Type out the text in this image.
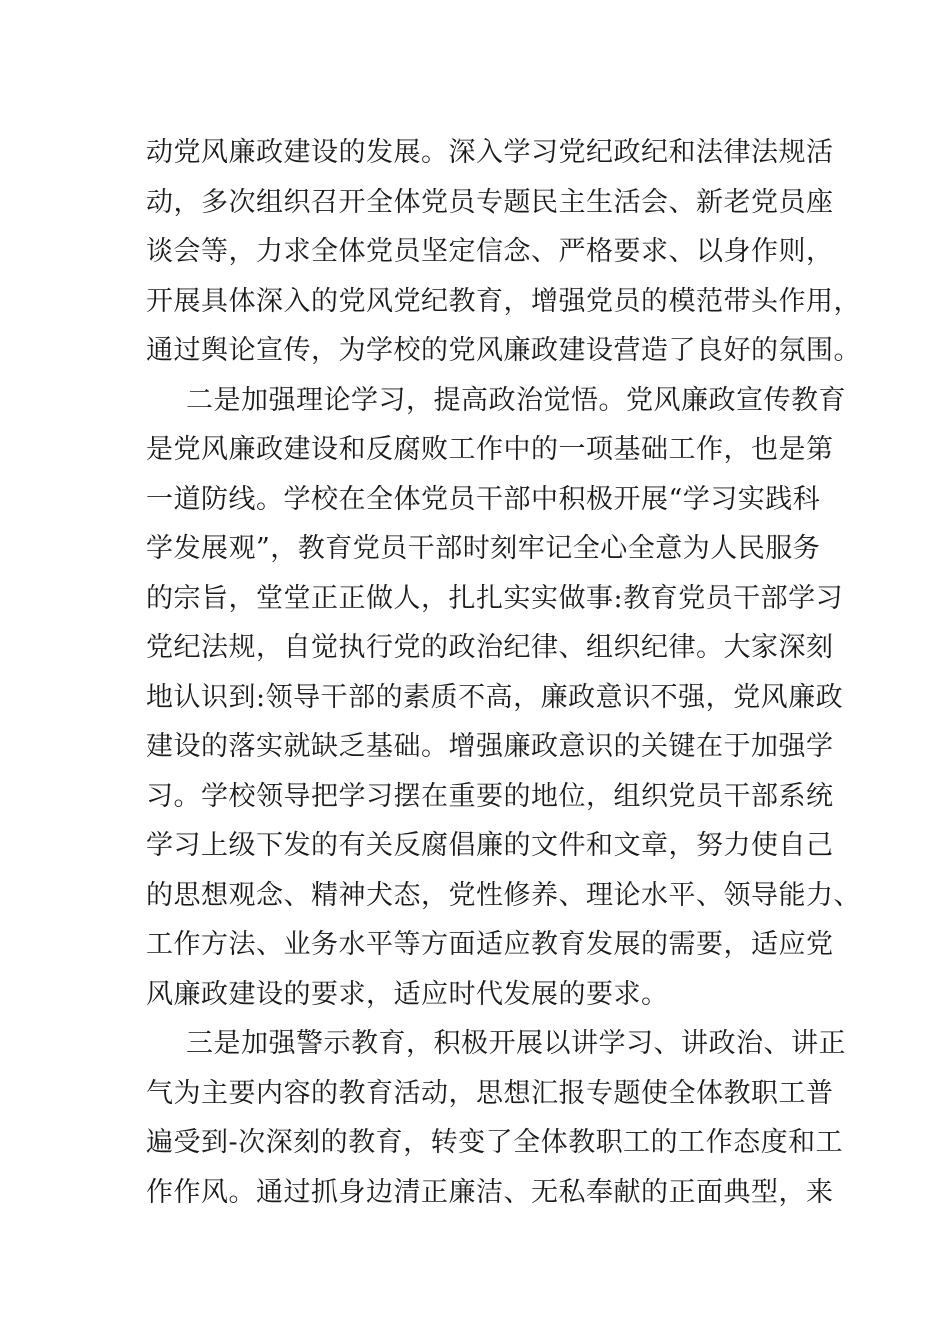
动党风廉政建设的发展。深入学习党纪政纪和法律法规活
动，多次组织召开全体党员专题民主生活会、新老党员座
谈会等，力求全体党员坚定信念、严格要求、以身作则，
开展具体深入的党风党纪教育，增强党员的模范带头作用，
通过舆论宣传，为学校的党风廉政建设营造了良好的氛围。
二是加强理论学习，提高政治觉悟。党风廉政宣传教育
是党风廉政建设和反腐败工作中的一项基础工作，也是第
一道防线。学校在全体党员干部中积极开展“学习实践科
学发展观”，教育党员干部时刻牢记全心全意为人民服务
的宗旨，堂堂正正做人，扎扎实实做事:教育党员干部学习
党纪法规，自觉执行党的政治纪律、组织纪律。大家深刻
地认识到:领导干部的素质不高，廉政意识不强，党风廉政
建设的落实就缺乏基础。增强廉政意识的关键在于加强学
习。学校领导把学习摆在重要的地位，组织党员干部系统
学习上级下发的有关反腐倡廉的文件和文章，努力使自己
的思想观念、精神犬态，党性修养、理论水平、领导能力、
工作方法、业务水平等方面适应教育发展的需要，适应党
风廉政建设的要求，适应时代发展的要求。
三是加强警示教育，积极开展以讲学习、讲政治、讲正
气为主要内容的教育活动，思想汇报专题使全体教职工普
遍受到-次深刻的教育，转变了全体教职工的工作态度和工
作作风。通过抓身边清正廉洁、无私奉献的正面典型，来
